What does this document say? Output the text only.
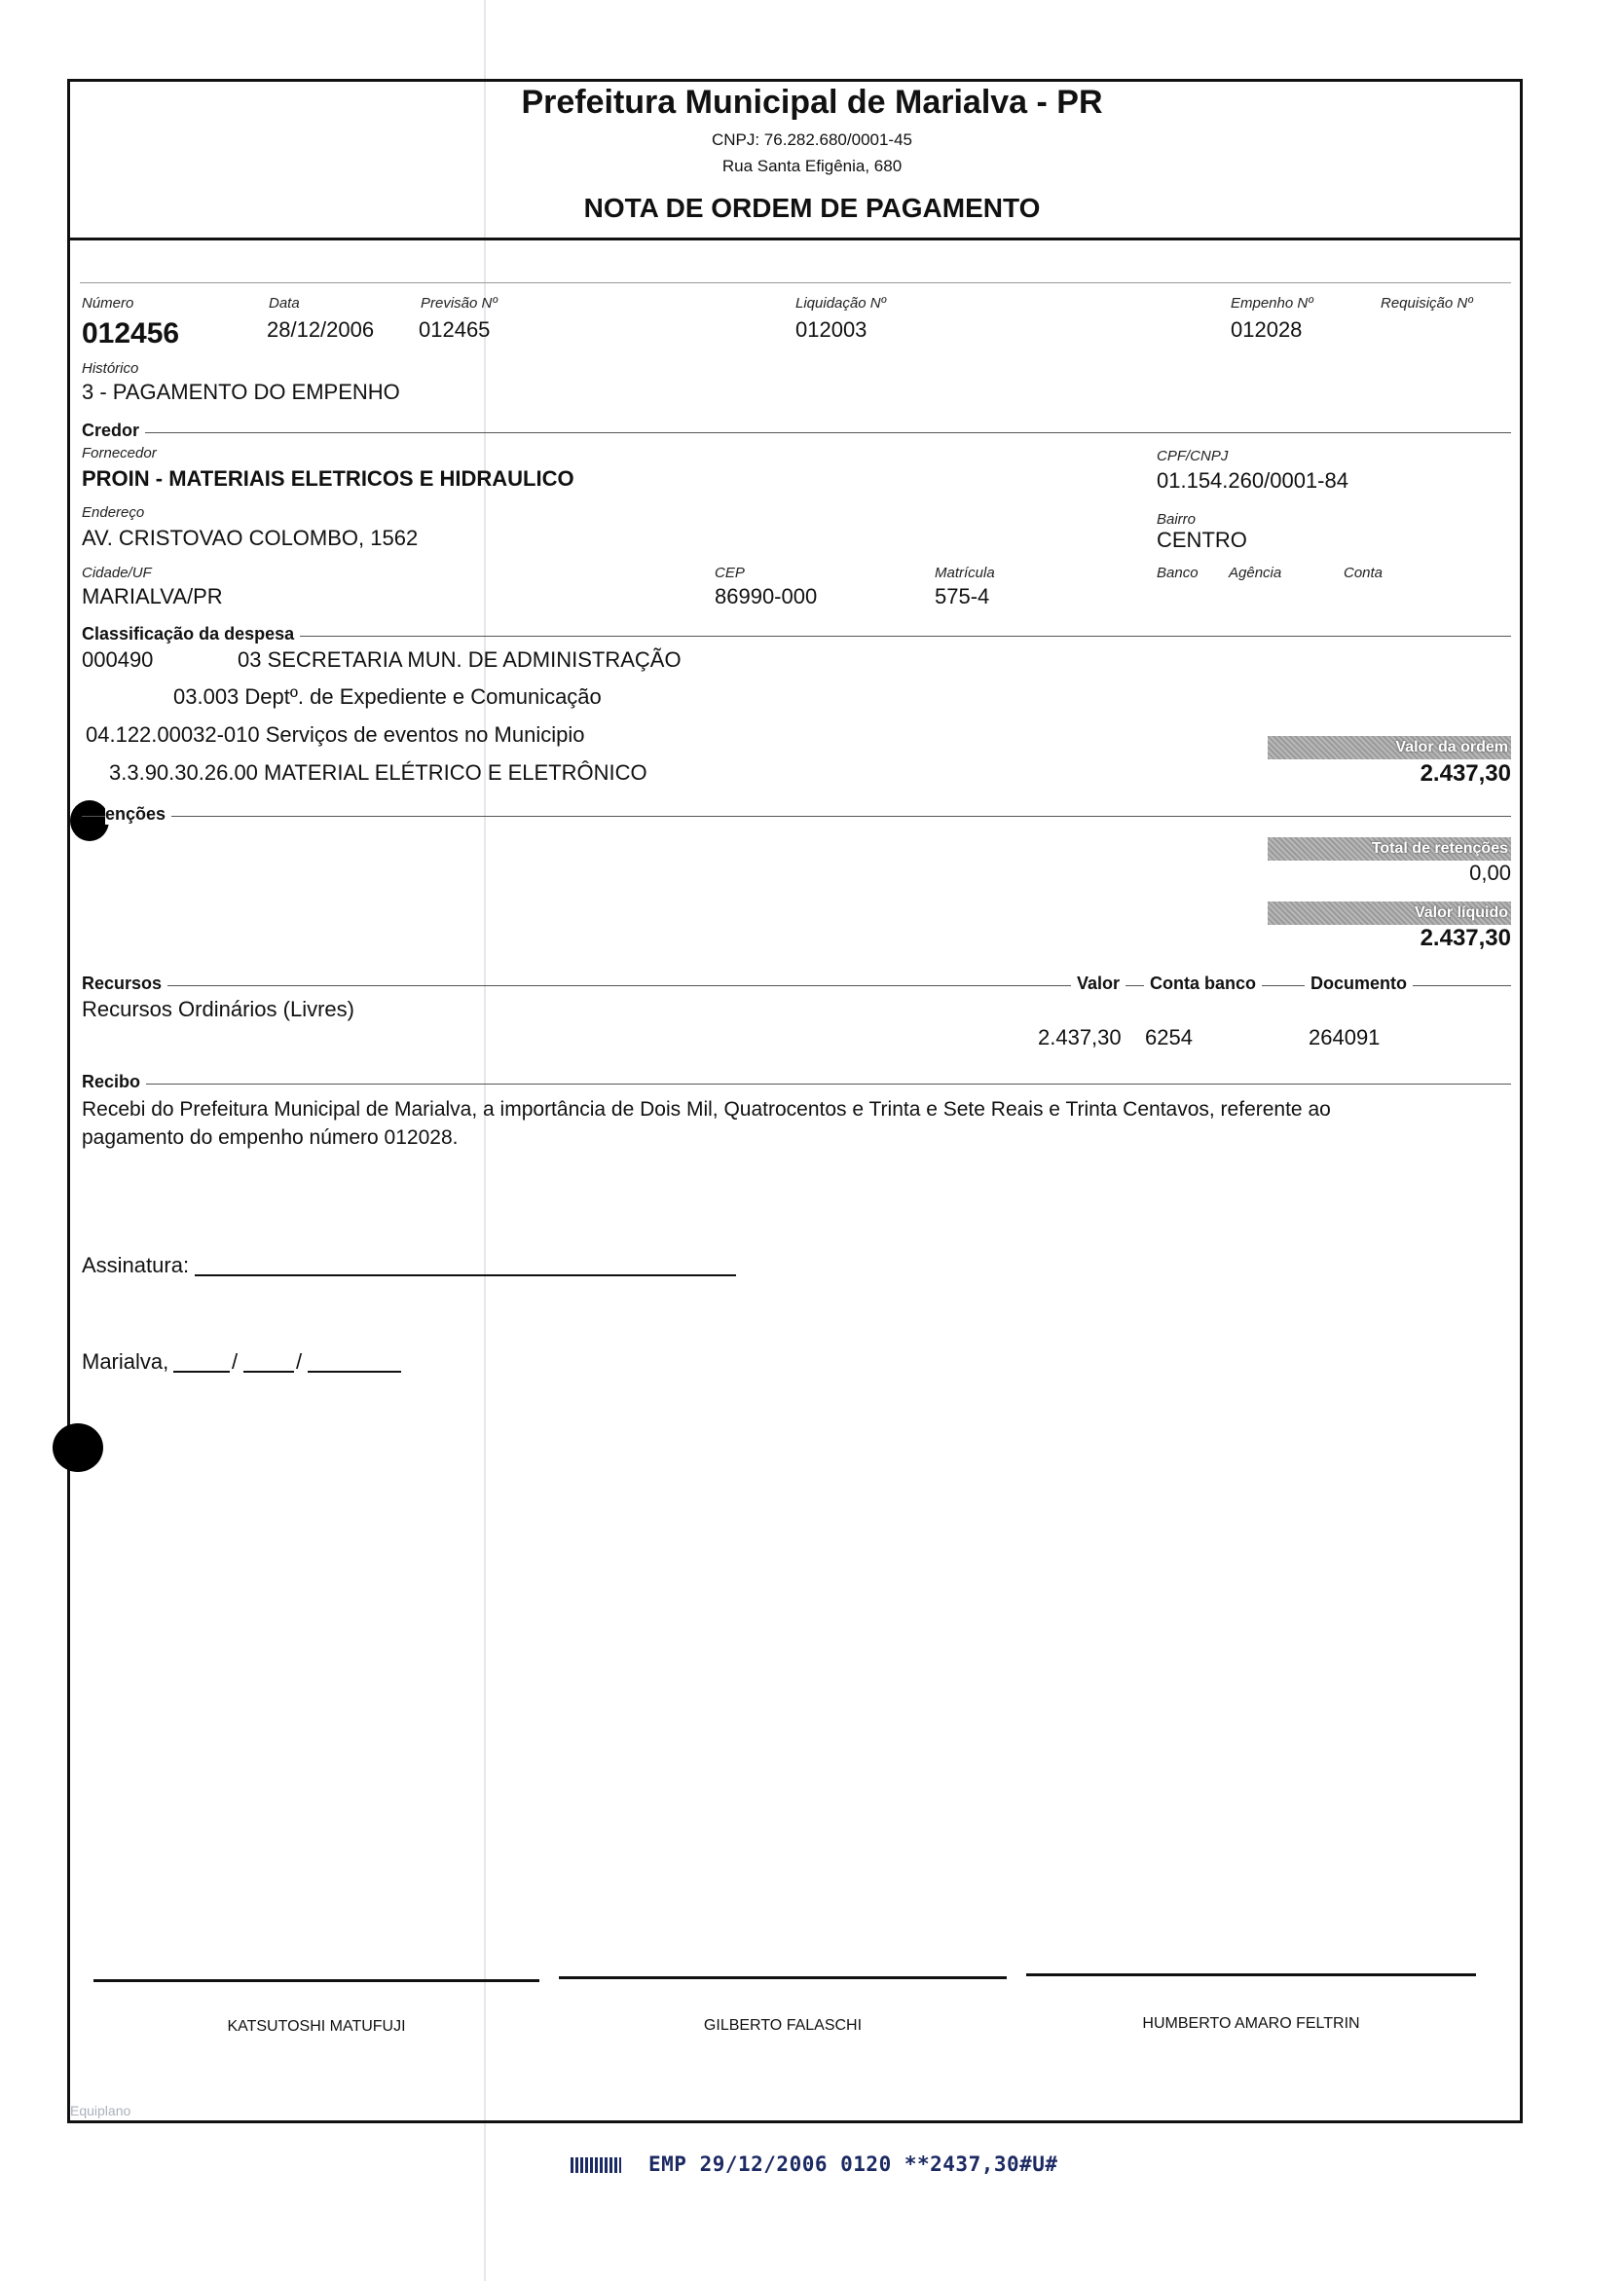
Prefeitura Municipal de Marialva - PR
CNPJ: 76.282.680/0001-45
Rua Santa Efigênia, 680
NOTA DE ORDEM DE PAGAMENTO
Número
012456
Data
28/12/2006
Previsão Nº
012465
Liquidação Nº
012003
Empenho Nº
012028
Requisição Nº
Histórico
3 - PAGAMENTO DO EMPENHO
Credor
Fornecedor
PROIN - MATERIAIS ELETRICOS E HIDRAULICO
CPF/CNPJ
01.154.260/0001-84
Endereço
AV. CRISTOVAO COLOMBO, 1562
Bairro
CENTRO
Cidade/UF
MARIALVA/PR
CEP
86990-000
Matrícula
575-4
Banco Agência	Conta
Classificação da despesa
000490	03 SECRETARIA MUN. DE ADMINISTRAÇÃO
03.003 Deptº. de Expediente e Comunicação
04.122.00032-010 Serviços de eventos no Municipio
3.3.90.30.26.00 MATERIAL ELÉTRICO E ELETRÔNICO
Valor da ordem
2.437,30
enções
Total de retenções
0,00
Valor líquido
2.437,30
Recursos	Valor	Conta banco	Documento
Recursos Ordinários (Livres)
2.437,30 6254	264091
Recibo
Recebi do Prefeitura Municipal de Marialva, a importância de Dois Mil, Quatrocentos e Trinta e Sete Reais e Trinta Centavos, referente ao
pagamento do empenho número 012028.
Assinatura:
Marialva,	/	/
KATSUTOSHI MATUFUJI	GILBERTO FALASCHI	HUMBERTO AMARO FELTRIN
Equiplano
EMP 29/12/2006 0120 **2437,30#U#
